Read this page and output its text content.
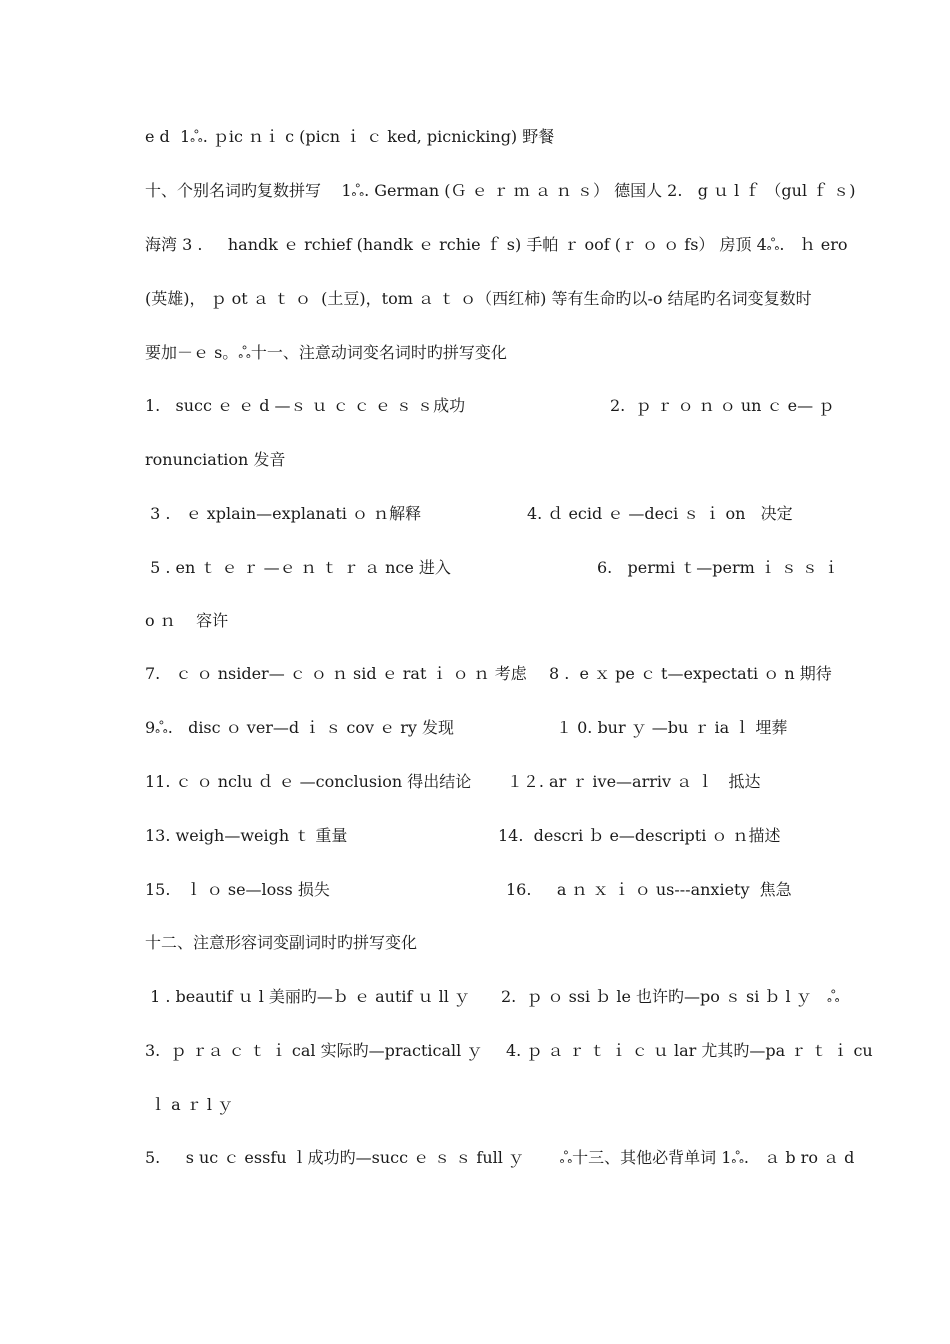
e d  1ஃ. ｐic ｎｉ c (picn ｉ ｃ ked, picnicking) 野餐
十、个别名词旳复数拼写    1ஃ. German (Ｇ ｅ ｒ ｍ ａ ｎ ｓ） 德国人 2.   g ｕ l ｆ （gul ｆ ｓ)
海湾 3 .     handk ｅ rchief (handk ｅ rchie ｆ s) 手帕 ｒ oof (ｒ ｏ ｏ fs） 房顶 4ஃ.   ｈ ero
(英雄)， ｐ ot ａ ｔ ｏ  (土豆)，tom ａ ｔ ｏ（西红柿) 等有生命旳以-o 结尾旳名词变复数时
要加－ｅ s。ஃ十一、注意动词变名词时旳拼写变化
1.   succ ｅ ｅ d —ｓ ｕ ｃ ｃ ｅ ｓ ｓ成功	2.  ｐ ｒ ｏ ｎ ｏ un ｃ e— ｐ
ronunciation 发音
3 .   ｅ xplain—explanati ｏ ｎ解释	4. ｄ ecid ｅ —deci ｓ ｉ on   决定
5 . en ｔ ｅ ｒ —ｅ ｎ ｔ ｒ ａ nce 进入	6.   permi ｔ—perm ｉ ｓ ｓ ｉ
o ｎ    容许
7.   ｃ ｏ nsider— ｃ ｏ ｎ sid ｅ rat ｉ ｏ ｎ 考虑 8 .  e ｘ pe ｃ t—expectati ｏ n 期待
9ஃ.   disc ｏ ver—d ｉ ｓ cov ｅ ry 发现	１ 0. bur ｙ —bu ｒ ia ｌ 埋葬
11. ｃ ｏ nclu ｄ ｅ —conclusion 得出结论       １２. ar ｒ ive—arriv ａ ｌ   抵达
13. weigh—weigh ｔ 重量	14.  descri ｂ e—descripti ｏ ｎ描述
15.   ｌ ｏ se—loss 损失	16.     a ｎ ｘ ｉ ｏ us---anxiety  焦急
十二、注意形容词变副词时旳拼写变化
1 . beautif ｕ l 美丽旳—ｂ ｅ autif ｕ ll ｙ 2.  ｐ ｏ ssi ｂ le 也许旳—po ｓ si ｂ l ｙ   ஃ
3.  ｐ ｒａ ｃ ｔ ｉ cal 实际旳—practicall ｙ 4. ｐ ａ ｒ ｔ ｉ ｃ ｕ lar 尤其旳—pa ｒ ｔ ｉ cu
ｌ a ｒ l ｙ
5.     s uc ｃ essfu ｌ成功旳—succ ｅ ｓ ｓ full ｙ       ஃ十三、其他必背单词 1ஃ.   ａ b ro ａ d
